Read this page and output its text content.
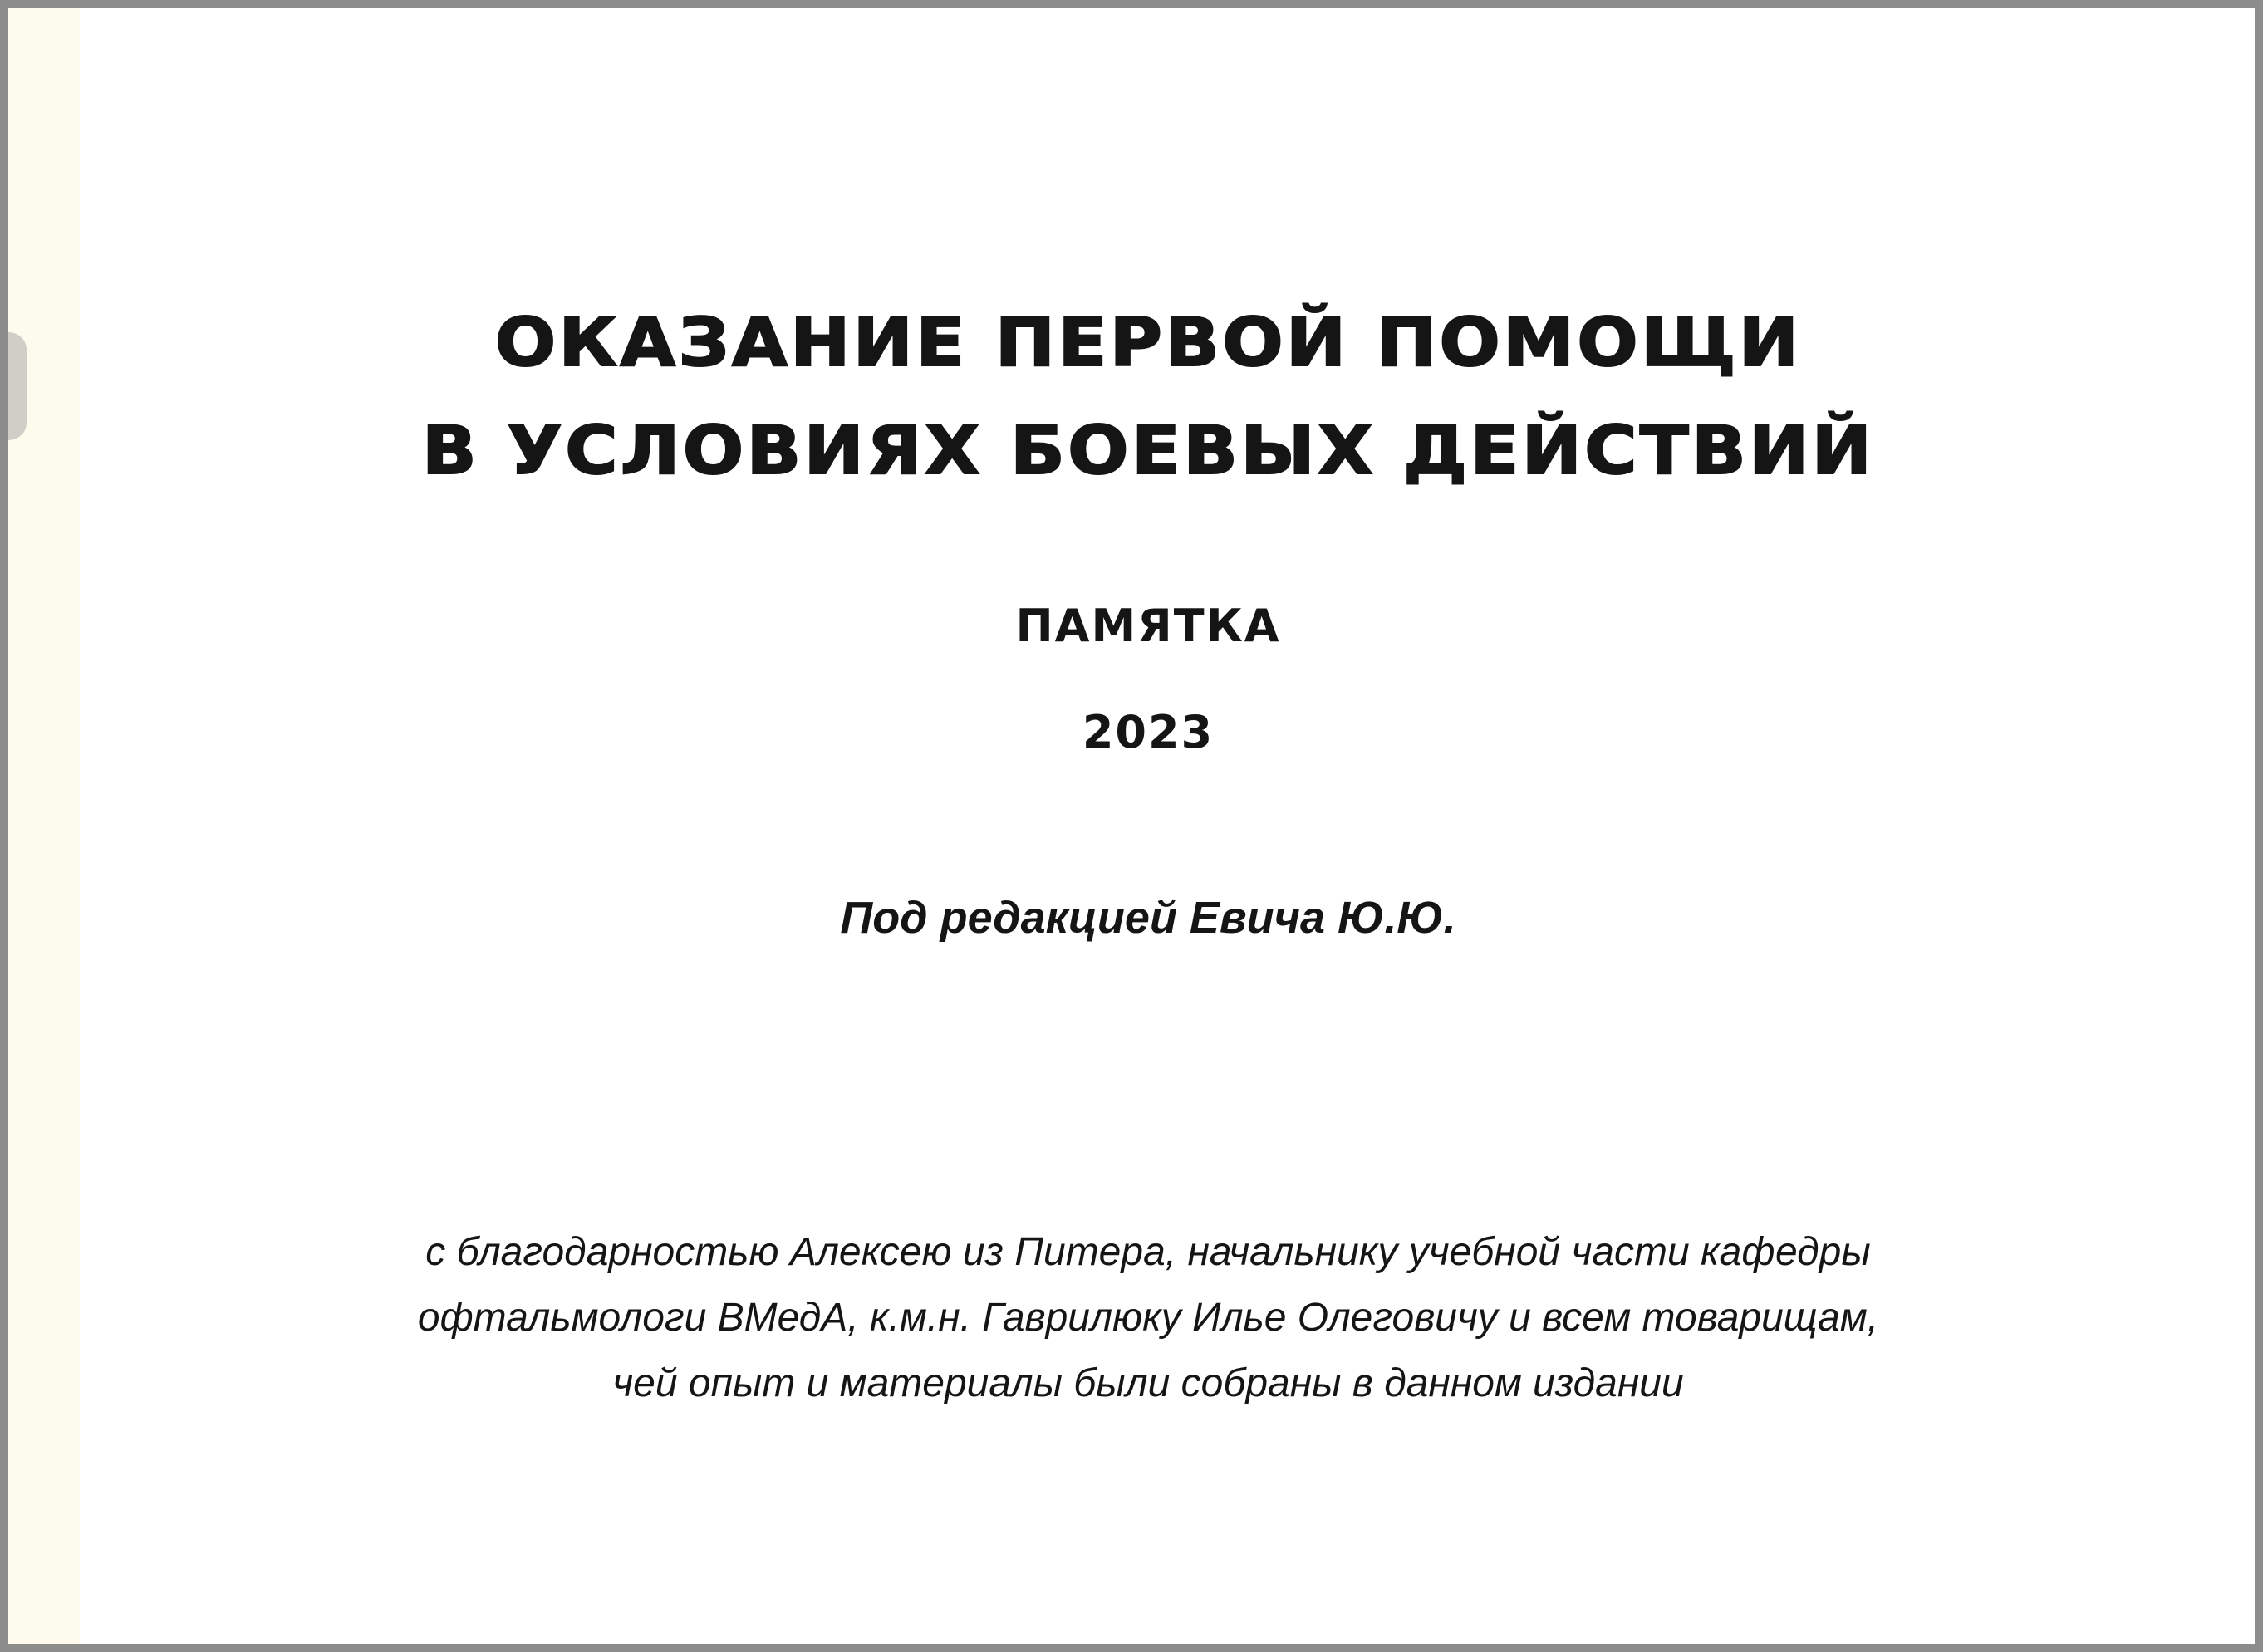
ОКАЗАНИЕ ПЕРВОЙ ПОМОЩИ
В УСЛОВИЯХ БОЕВЫХ ДЕЙСТВИЙ
ПАМЯТКА
2023
Под редакцией Евича Ю.Ю.
с благодарностью Алексею из Питера, начальнику учебной части кафедры
офтальмологи ВМедА, к.м.н. Гаврилюку Илье Олеговичу и всем товарищам,
чей опыт и материалы были собраны в данном издании
